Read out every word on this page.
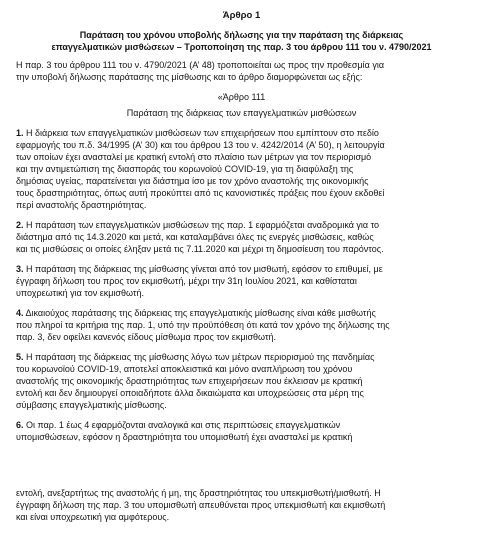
Άρθρο 1
Παράταση του χρόνου υποβολής δήλωσης για την παράταση της διάρκειας
επαγγελματικών μισθώσεων – Τροποποίηση της παρ. 3 του άρθρου 111 του ν. 4790/2021
Η παρ. 3 του άρθρου 111 του ν. 4790/2021 (Α’ 48) τροποποιείται ως προς την προθεσμία για
την υποβολή δήλωσης παράτασης της μίσθωσης και το άρθρο διαμορφώνεται ως εξής:
«Άρθρο 111
Παράταση της διάρκειας των επαγγελματικών μισθώσεων
1. Η διάρκεια των επαγγελματικών μισθώσεων των επιχειρήσεων που εμπίπτουν στο πεδίο
εφαρμογής του π.δ. 34/1995 (Α’ 30) και του άρθρου 13 του ν. 4242/2014 (Α’ 50), η λειτουργία
των οποίων έχει ανασταλεί με κρατική εντολή στο πλαίσιο των μέτρων για τον περιορισμό
και την αντιμετώπιση της διασποράς του κορωνοϊού COVID-19, για τη διαφύλαξη της
δημόσιας υγείας, παρατείνεται για διάστημα ίσο με τον χρόνο αναστολής της οικονομικής
τους δραστηριότητας, όπως αυτή προκύπτει από τις κανονιστικές πράξεις που έχουν εκδοθεί
περί αναστολής δραστηριότητας.
2. Η παράταση των επαγγελματικών μισθώσεων της παρ. 1 εφαρμόζεται αναδρομικά για το
διάστημα από τις 14.3.2020 και μετά, και καταλαμβάνει όλες τις ενεργές μισθώσεις, καθώς
και τις μισθώσεις οι οποίες έληξαν μετά τις 7.11.2020 και μέχρι τη δημοσίευση του παρόντος.
3. Η παράταση της διάρκειας της μίσθωσης γίνεται από τον μισθωτή, εφόσον το επιθυμεί, με
έγγραφη δήλωση του προς τον εκμισθωτή, μέχρι την 31η Ιουλίου 2021, και καθίσταται
υποχρεωτική για τον εκμισθωτή.
4. Δικαιούχος παράτασης της διάρκειας της επαγγελματικής μίσθωσης είναι κάθε μισθωτής
που πληροί τα κριτήρια της παρ. 1, υπό την προϋπόθεση ότι κατά τον χρόνο της δήλωσης της
παρ. 3, δεν οφείλει κανενός είδους μίσθωμα προς τον εκμισθωτή.
5. Η παράταση της διάρκειας της μίσθωσης λόγω των μέτρων περιορισμού της πανδημίας
του κορωνοϊού COVID-19, αποτελεί αποκλειστικά και μόνο αναπλήρωση του χρόνου
αναστολής της οικονομικής δραστηριότητας των επιχειρήσεων που έκλεισαν με κρατική
εντολή και δεν δημιουργεί οποιαδήποτε άλλα δικαιώματα και υποχρεώσεις στα μέρη της
σύμβασης επαγγελματικής μίσθωσης.
6. Οι παρ. 1 έως 4 εφαρμόζονται αναλογικά και στις περιπτώσεις επαγγελματικών
υπομισθώσεων, εφόσον η δραστηριότητα του υπομισθωτή έχει ανασταλεί με κρατική
εντολή, ανεξαρτήτως της αναστολής ή μη, της δραστηριότητας του υπεκμισθωτή/μισθωτή. Η
έγγραφη δήλωση της παρ. 3 του υπομισθωτή απευθύνεται προς υπεκμισθωτή και εκμισθωτή
και είναι υποχρεωτική για αμφότερους.
